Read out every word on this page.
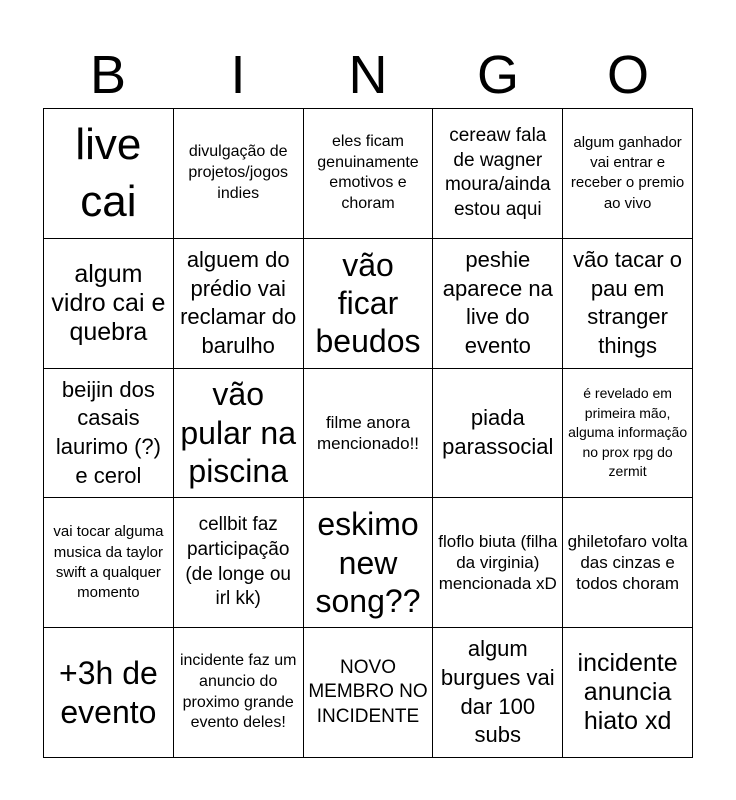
B	I	N	G	O
live cai
divulgação de projetos/jogos indies
eles ficam genuinamente emotivos e choram
cereaw fala de wagner moura/ainda estou aqui
algum ganhador vai entrar e receber o premio ao vivo
algum vidro cai e quebra
alguem do prédio vai reclamar do barulho
vão ficar beudos
peshie aparece na live do evento
vão tacar o pau em stranger things
beijin dos casais laurimo (?) e cerol
vão pular na piscina
filme anora mencionado!!
piada parassocial
é revelado em primeira mão, alguma informação no prox rpg do zermit
vai tocar alguma musica da taylor swift a qualquer momento
cellbit faz participação (de longe ou irl kk)
eskimo new song??
floflo biuta (filha da virginia) mencionada xD
ghiletofaro volta das cinzas e todos choram
+3h de evento
incidente faz um anuncio do proximo grande evento deles!
NOVO MEMBRO NO INCIDENTE
algum burgues vai dar 100 subs
incidente anuncia hiato xd
